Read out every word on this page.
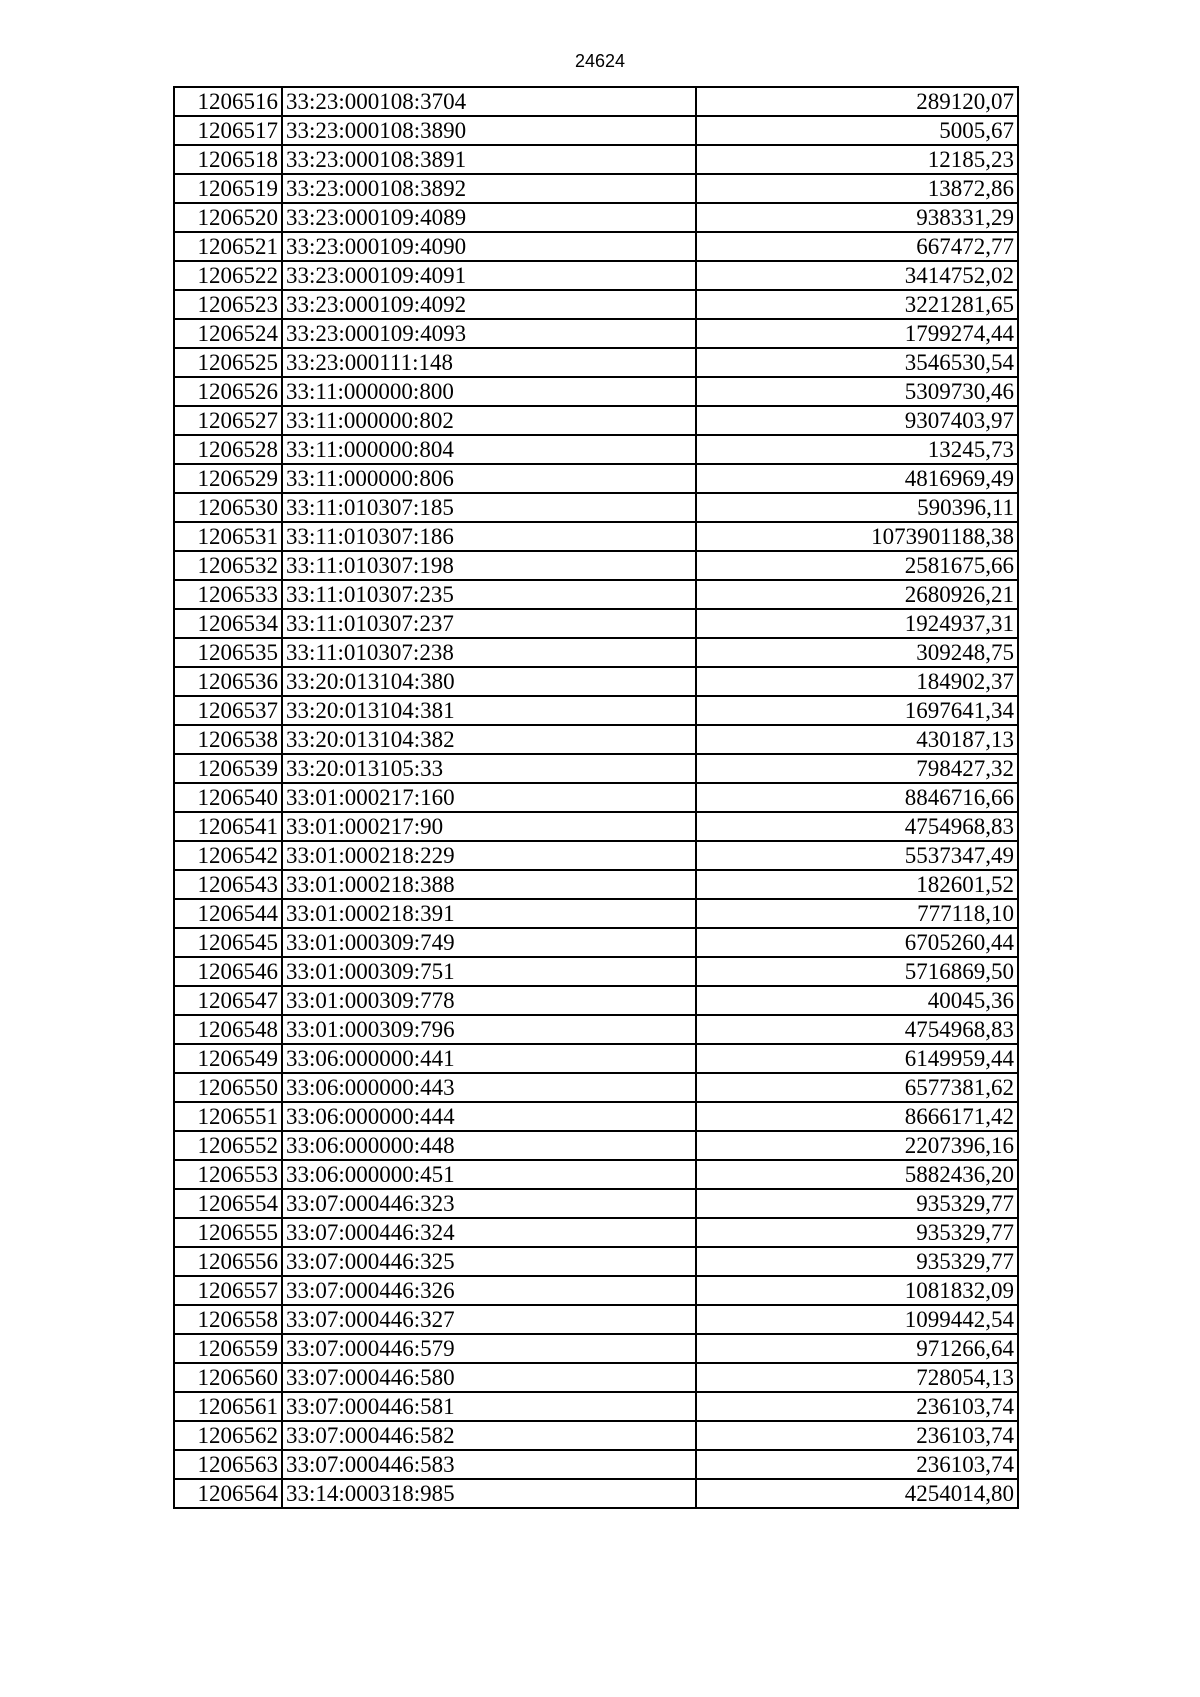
24624
1206516	33:23:000108:3704	289120,07
1206517	33:23:000108:3890	5005,67
1206518	33:23:000108:3891	12185,23
1206519	33:23:000108:3892	13872,86
1206520	33:23:000109:4089	938331,29
1206521	33:23:000109:4090	667472,77
1206522	33:23:000109:4091	3414752,02
1206523	33:23:000109:4092	3221281,65
1206524	33:23:000109:4093	1799274,44
1206525	33:23:000111:148	3546530,54
1206526	33:11:000000:800	5309730,46
1206527	33:11:000000:802	9307403,97
1206528	33:11:000000:804	13245,73
1206529	33:11:000000:806	4816969,49
1206530	33:11:010307:185	590396,11
1206531	33:11:010307:186	1073901188,38
1206532	33:11:010307:198	2581675,66
1206533	33:11:010307:235	2680926,21
1206534	33:11:010307:237	1924937,31
1206535	33:11:010307:238	309248,75
1206536	33:20:013104:380	184902,37
1206537	33:20:013104:381	1697641,34
1206538	33:20:013104:382	430187,13
1206539	33:20:013105:33	798427,32
1206540	33:01:000217:160	8846716,66
1206541	33:01:000217:90	4754968,83
1206542	33:01:000218:229	5537347,49
1206543	33:01:000218:388	182601,52
1206544	33:01:000218:391	777118,10
1206545	33:01:000309:749	6705260,44
1206546	33:01:000309:751	5716869,50
1206547	33:01:000309:778	40045,36
1206548	33:01:000309:796	4754968,83
1206549	33:06:000000:441	6149959,44
1206550	33:06:000000:443	6577381,62
1206551	33:06:000000:444	8666171,42
1206552	33:06:000000:448	2207396,16
1206553	33:06:000000:451	5882436,20
1206554	33:07:000446:323	935329,77
1206555	33:07:000446:324	935329,77
1206556	33:07:000446:325	935329,77
1206557	33:07:000446:326	1081832,09
1206558	33:07:000446:327	1099442,54
1206559	33:07:000446:579	971266,64
1206560	33:07:000446:580	728054,13
1206561	33:07:000446:581	236103,74
1206562	33:07:000446:582	236103,74
1206563	33:07:000446:583	236103,74
1206564	33:14:000318:985	4254014,80
